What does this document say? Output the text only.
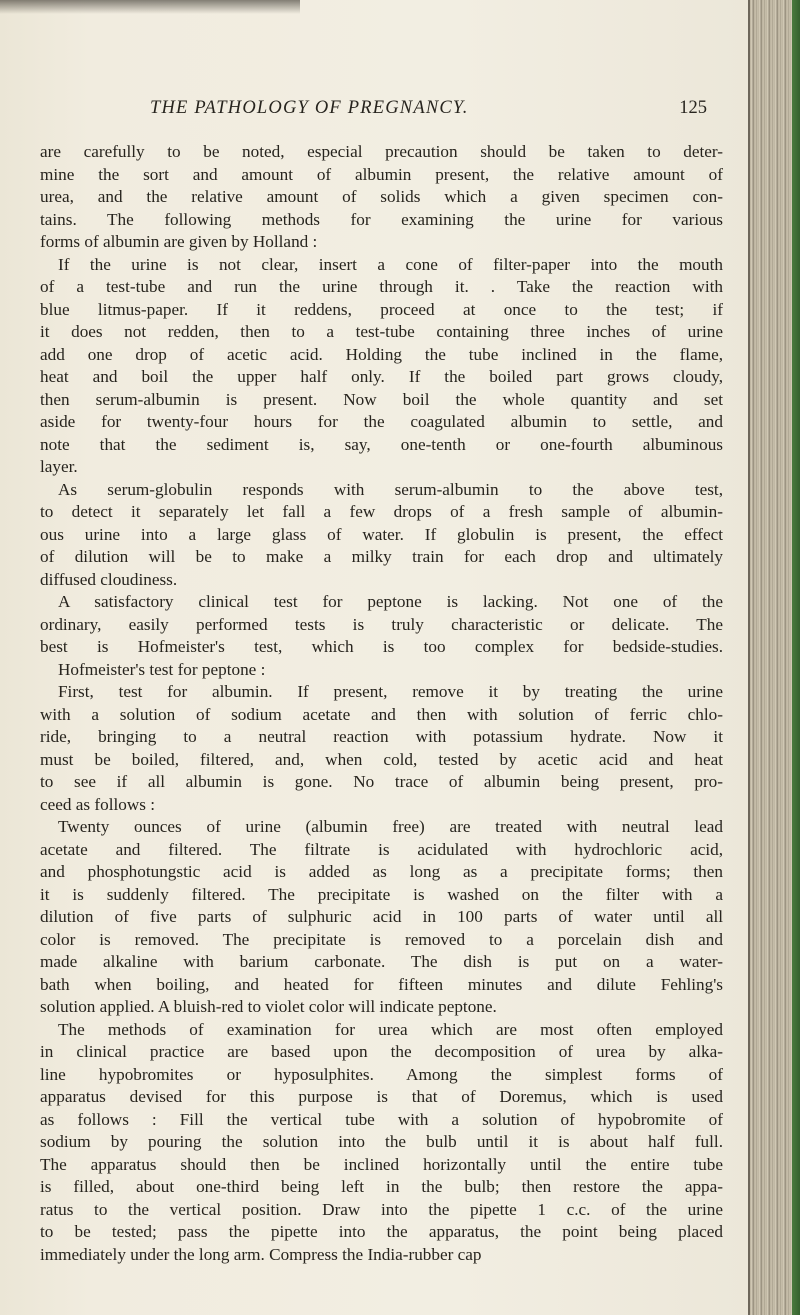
THE PATHOLOGY OF PREGNANCY.	125
are carefully to be noted, especial precaution should be taken to deter-
mine the sort and amount of albumin present, the relative amount of
urea, and the relative amount of solids which a given specimen con-
tains. The following methods for examining the urine for various
forms of albumin are given by Holland :
If the urine is not clear, insert a cone of filter-paper into the mouth
of a test-tube and run the urine through it. . Take the reaction with
blue litmus-paper. If it reddens, proceed at once to the test; if
it does not redden, then to a test-tube containing three inches of urine
add one drop of acetic acid. Holding the tube inclined in the flame,
heat and boil the upper half only. If the boiled part grows cloudy,
then serum-albumin is present. Now boil the whole quantity and set
aside for twenty-four hours for the coagulated albumin to settle, and
note that the sediment is, say, one-tenth or one-fourth albuminous
layer.
As serum-globulin responds with serum-albumin to the above test,
to detect it separately let fall a few drops of a fresh sample of albumin-
ous urine into a large glass of water. If globulin is present, the effect
of dilution will be to make a milky train for each drop and ultimately
diffused cloudiness.
A satisfactory clinical test for peptone is lacking. Not one of the
ordinary, easily performed tests is truly characteristic or delicate. The
best is Hofmeister's test, which is too complex for bedside-studies.
Hofmeister's test for peptone :
First, test for albumin. If present, remove it by treating the urine
with a solution of sodium acetate and then with solution of ferric chlo-
ride, bringing to a neutral reaction with potassium hydrate. Now it
must be boiled, filtered, and, when cold, tested by acetic acid and heat
to see if all albumin is gone. No trace of albumin being present, pro-
ceed as follows :
Twenty ounces of urine (albumin free) are treated with neutral lead
acetate and filtered. The filtrate is acidulated with hydrochloric acid,
and phosphotungstic acid is added as long as a precipitate forms; then
it is suddenly filtered. The precipitate is washed on the filter with a
dilution of five parts of sulphuric acid in 100 parts of water until all
color is removed. The precipitate is removed to a porcelain dish and
made alkaline with barium carbonate. The dish is put on a water-
bath when boiling, and heated for fifteen minutes and dilute Fehling's
solution applied. A bluish-red to violet color will indicate peptone.
The methods of examination for urea which are most often employed
in clinical practice are based upon the decomposition of urea by alka-
line hypobromites or hyposulphites. Among the simplest forms of
apparatus devised for this purpose is that of Doremus, which is used
as follows : Fill the vertical tube with a solution of hypobromite of
sodium by pouring the solution into the bulb until it is about half full.
The apparatus should then be inclined horizontally until the entire tube
is filled, about one-third being left in the bulb; then restore the appa-
ratus to the vertical position. Draw into the pipette 1 c.c. of the urine
to be tested; pass the pipette into the apparatus, the point being placed
immediately under the long arm. Compress the India-rubber cap
